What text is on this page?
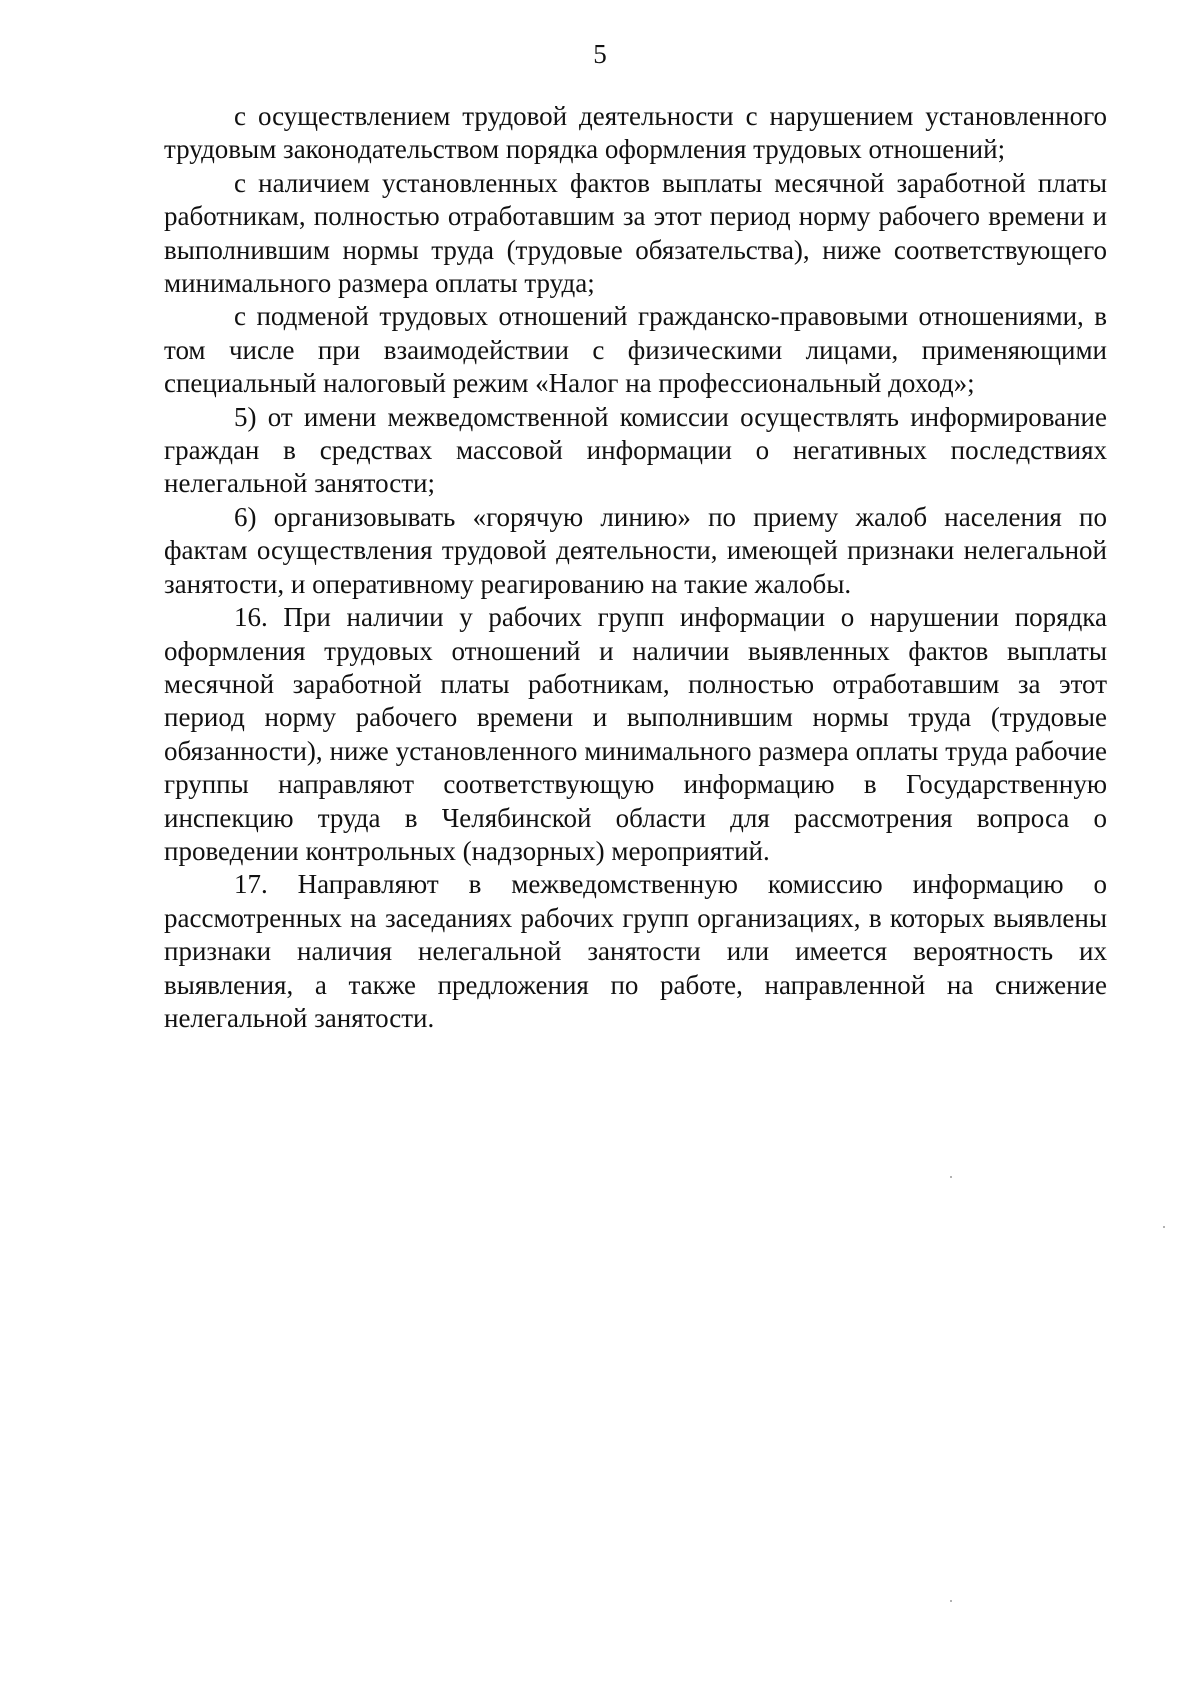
5

с осуществлением трудовой деятельности с нарушением установленного трудовым законодательством порядка оформления трудовых отношений;

с наличием установленных фактов выплаты месячной заработной платы работникам, полностью отработавшим за этот период норму рабочего времени и выполнившим нормы труда (трудовые обязательства), ниже соответствующего минимального размера оплаты труда;

с подменой трудовых отношений гражданско-правовыми отношениями, в том числе при взаимодействии с физическими лицами, применяющими специальный налоговый режим «Налог на профессиональный доход»;

5) от имени межведомственной комиссии осуществлять информирование граждан в средствах массовой информации о негативных последствиях нелегальной занятости;

6) организовывать «горячую линию» по приему жалоб населения по фактам осуществления трудовой деятельности, имеющей признаки нелегальной занятости, и оперативному реагированию на такие жалобы.

16. При наличии у рабочих групп информации о нарушении порядка оформления трудовых отношений и наличии выявленных фактов выплаты месячной заработной платы работникам, полностью отработавшим за этот период норму рабочего времени и выполнившим нормы труда (трудовые обязанности), ниже установленного минимального размера оплаты труда рабочие группы направляют соответствующую информацию в Государственную инспекцию труда в Челябинской области для рассмотрения вопроса о проведении контрольных (надзорных) мероприятий.

17. Направляют в межведомственную комиссию информацию о рассмотренных на заседаниях рабочих групп организациях, в которых выявлены признаки наличия нелегальной занятости или имеется вероятность их выявления, а также предложения по работе, направленной на снижение нелегальной занятости.
